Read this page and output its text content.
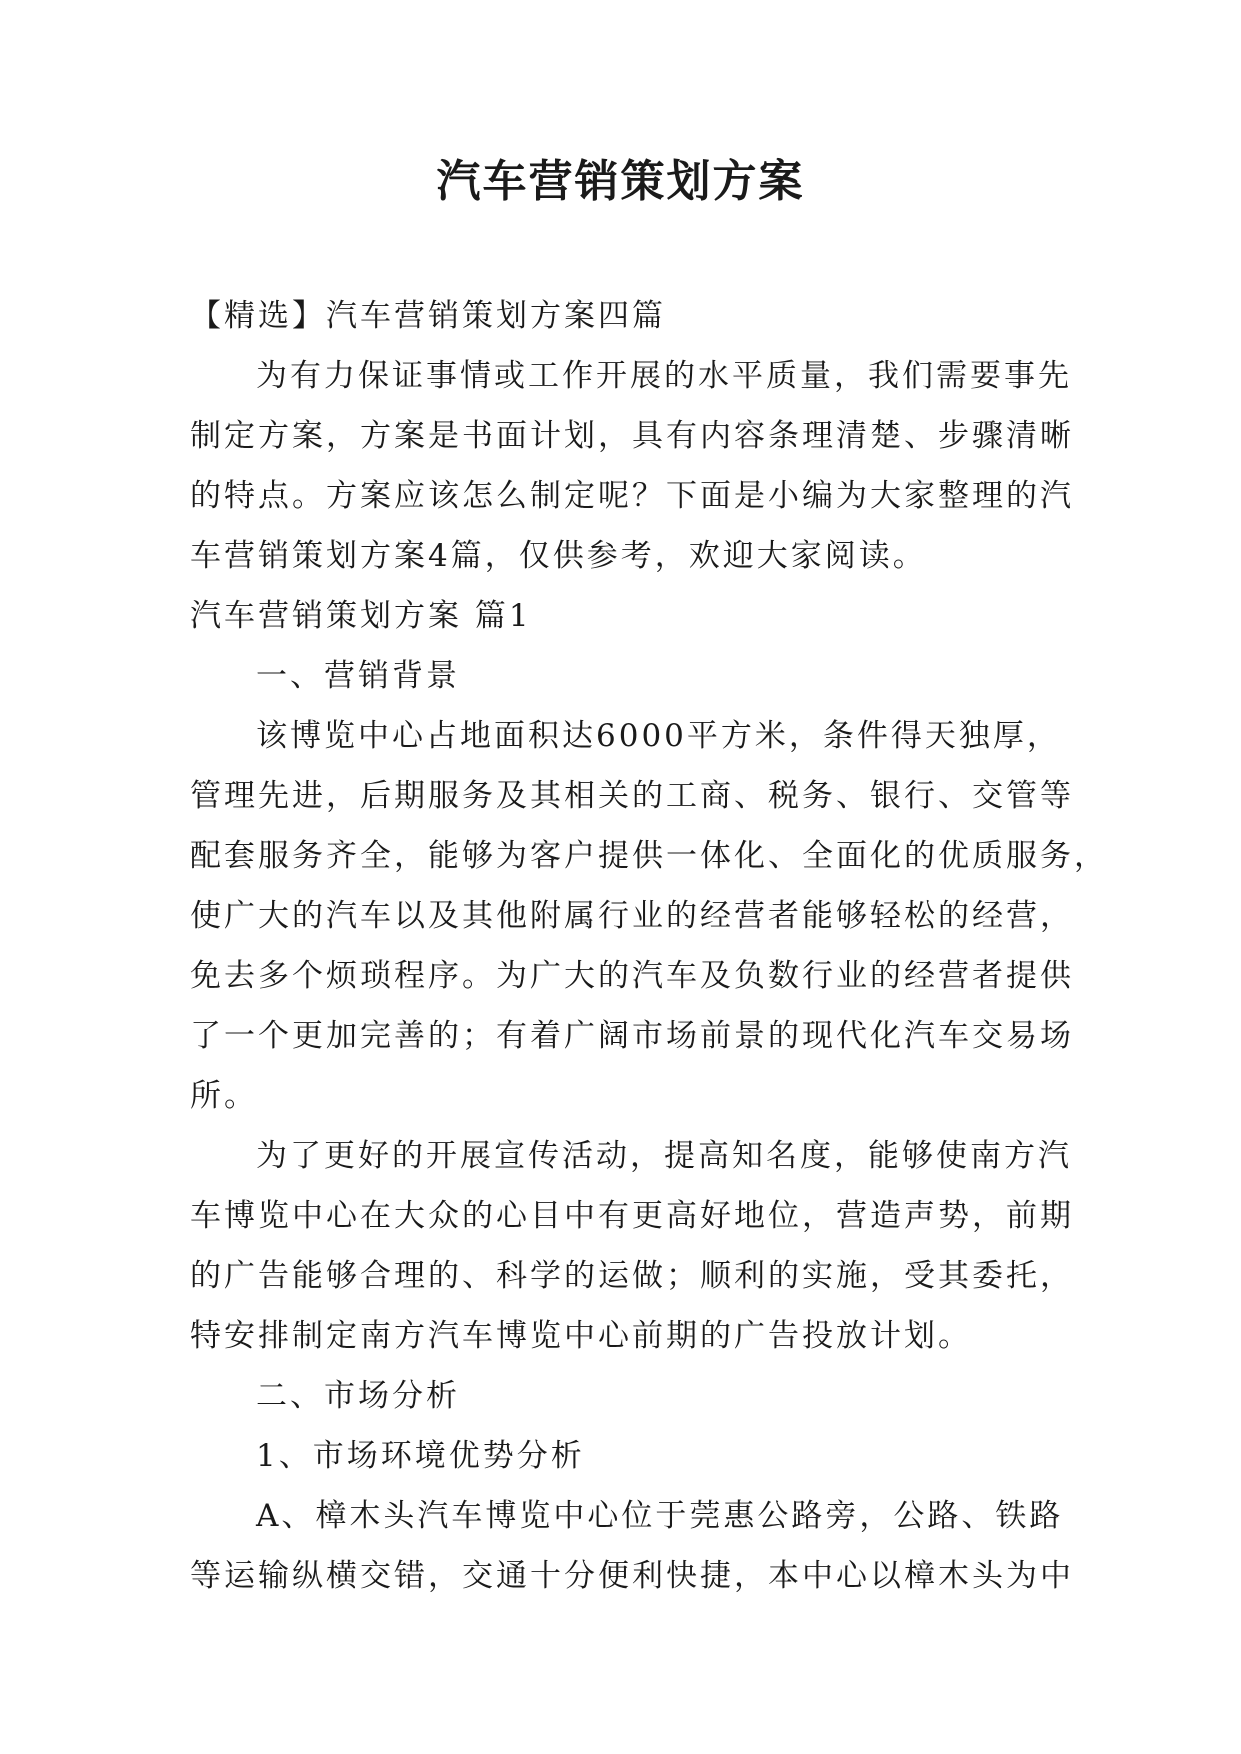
汽车营销策划方案
【精选】汽车营销策划方案四篇
为有力保证事情或工作开展的水平质量，我们需要事先
制定方案，方案是书面计划，具有内容条理清楚、步骤清晰
的特点。方案应该怎么制定呢？下面是小编为大家整理的汽
车营销策划方案4篇，仅供参考，欢迎大家阅读。
汽车营销策划方案 篇1
一、营销背景
该博览中心占地面积达6000平方米，条件得天独厚，
管理先进，后期服务及其相关的工商、税务、银行、交管等
配套服务齐全，能够为客户提供一体化、全面化的优质服务，
使广大的汽车以及其他附属行业的经营者能够轻松的经营，
免去多个烦琐程序。为广大的汽车及负数行业的经营者提供
了一个更加完善的；有着广阔市场前景的现代化汽车交易场
所。
为了更好的开展宣传活动，提高知名度，能够使南方汽
车博览中心在大众的心目中有更高好地位，营造声势，前期
的广告能够合理的、科学的运做；顺利的实施，受其委托，
特安排制定南方汽车博览中心前期的广告投放计划。
二、市场分析
1、市场环境优势分析
A、樟木头汽车博览中心位于莞惠公路旁，公路、铁路
等运输纵横交错，交通十分便利快捷，本中心以樟木头为中
